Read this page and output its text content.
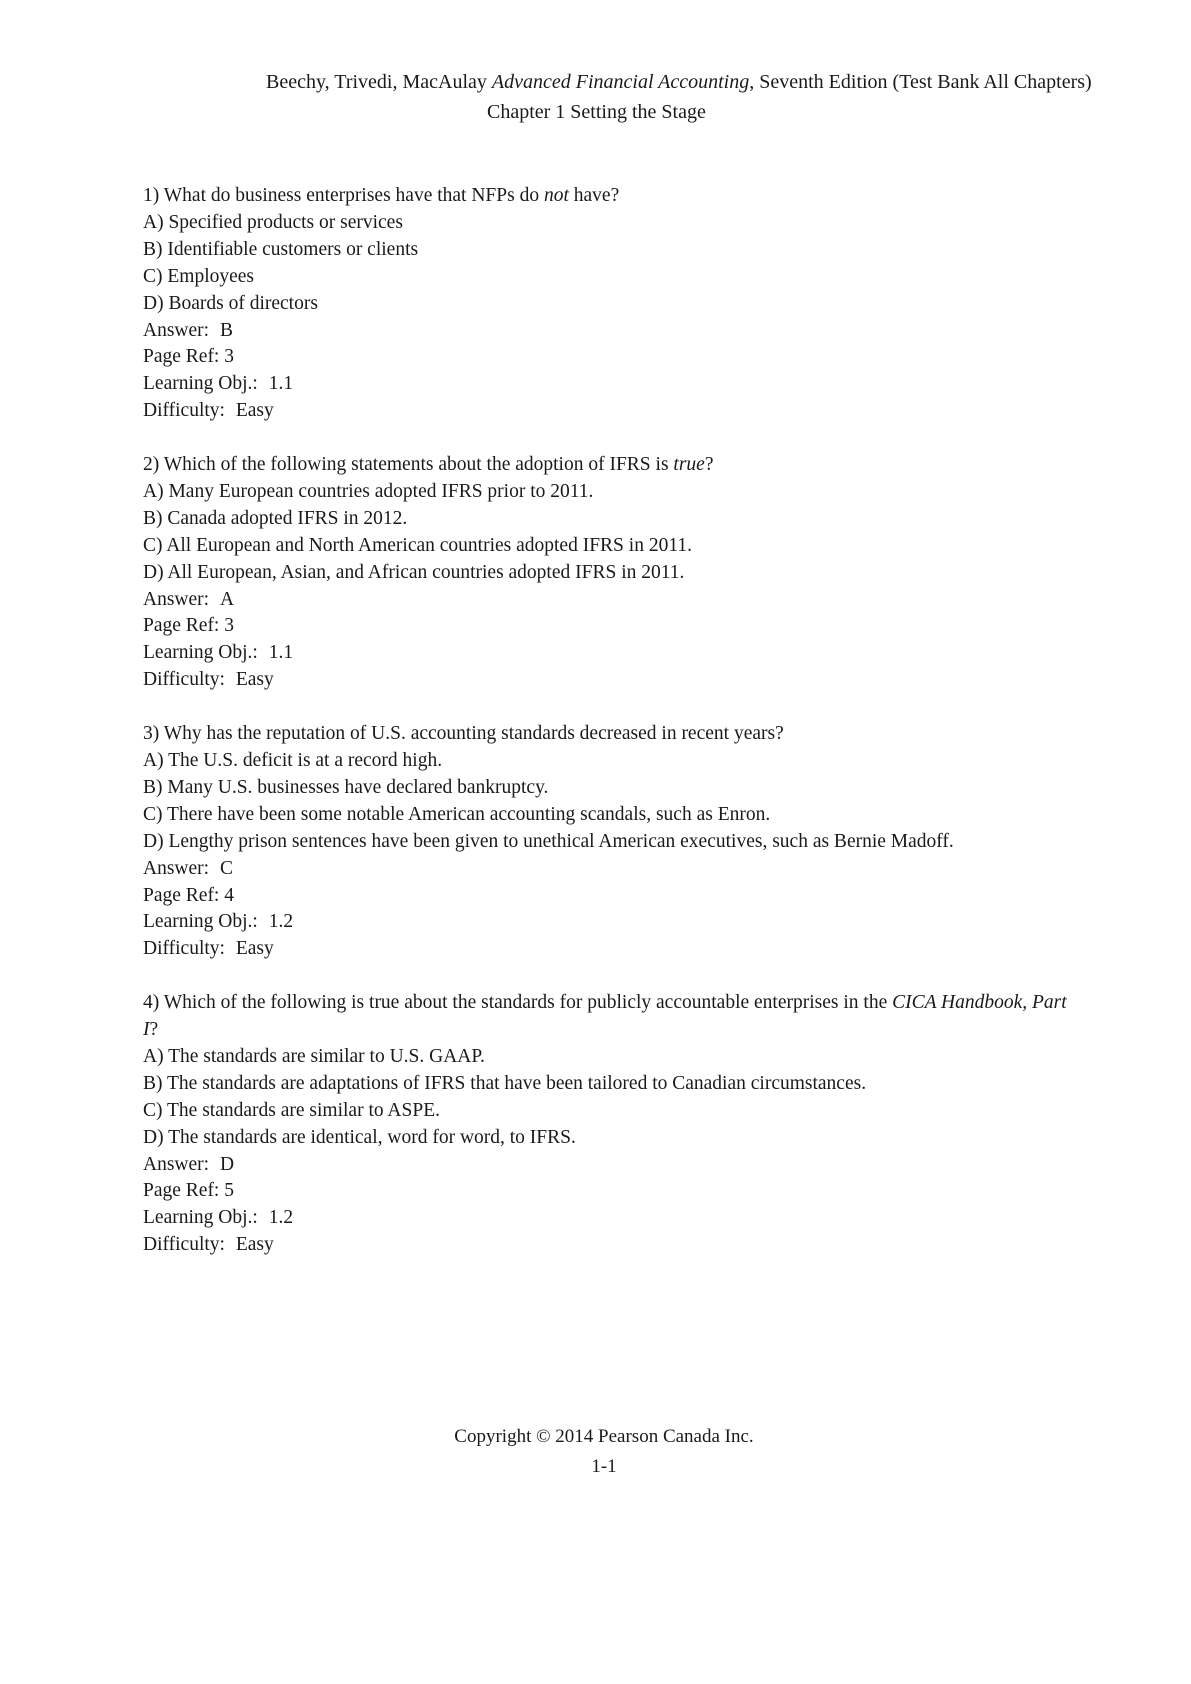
Beechy, Trivedi, MacAulay Advanced Financial Accounting, Seventh Edition (Test Bank All Chapters)
Chapter 1 Setting the Stage
1) What do business enterprises have that NFPs do not have?
A) Specified products or services
B) Identifiable customers or clients
C) Employees
D) Boards of directors
Answer: B
Page Ref: 3
Learning Obj.: 1.1
Difficulty: Easy
2) Which of the following statements about the adoption of IFRS is true?
A) Many European countries adopted IFRS prior to 2011.
B) Canada adopted IFRS in 2012.
C) All European and North American countries adopted IFRS in 2011.
D) All European, Asian, and African countries adopted IFRS in 2011.
Answer: A
Page Ref: 3
Learning Obj.: 1.1
Difficulty: Easy
3) Why has the reputation of U.S. accounting standards decreased in recent years?
A) The U.S. deficit is at a record high.
B) Many U.S. businesses have declared bankruptcy.
C) There have been some notable American accounting scandals, such as Enron.
D) Lengthy prison sentences have been given to unethical American executives, such as Bernie Madoff.
Answer: C
Page Ref: 4
Learning Obj.: 1.2
Difficulty: Easy
4) Which of the following is true about the standards for publicly accountable enterprises in the CICA Handbook, Part I?
A) The standards are similar to U.S. GAAP.
B) The standards are adaptations of IFRS that have been tailored to Canadian circumstances.
C) The standards are similar to ASPE.
D) The standards are identical, word for word, to IFRS.
Answer: D
Page Ref: 5
Learning Obj.: 1.2
Difficulty: Easy
Copyright © 2014 Pearson Canada Inc.
1-1
